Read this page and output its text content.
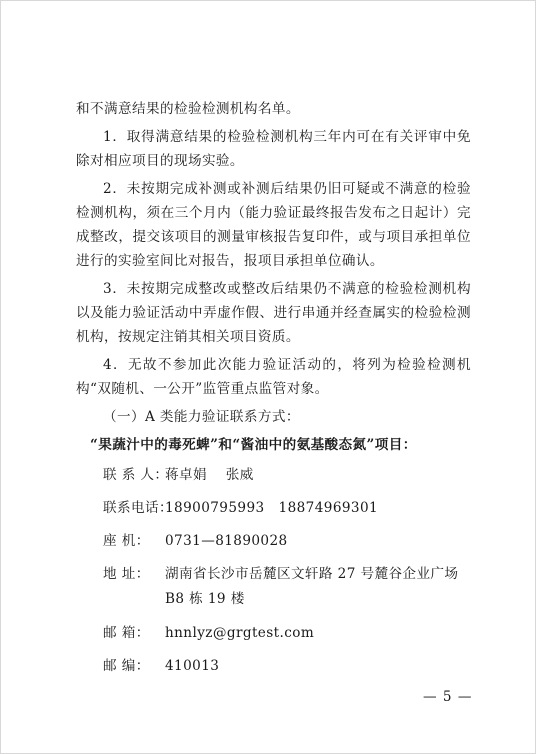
和不满意结果的检验检测机构名单。

1．取得满意结果的检验检测机构三年内可在有关评审中免除对相应项目的现场实验。

2．未按期完成补测或补测后结果仍旧可疑或不满意的检验检测机构，须在三个月内（能力验证最终报告发布之日起计）完成整改，提交该项目的测量审核报告复印件，或与项目承担单位进行的实验室间比对报告，报项目承担单位确认。

3．未按期完成整改或整改后结果仍不满意的检验检测机构以及能力验证活动中弄虚作假、进行串通并经查属实的检验检测机构，按规定注销其相关项目资质。

4．无故不参加此次能力验证活动的，将列为检验检测机构“双随机、一公开”监管重点监管对象。

（一）A 类能力验证联系方式：

“果蔬汁中的毒死蜱”和“酱油中的氨基酸态氮”项目：

联 系 人：
蒋卓娟　 张威
联系电话：
18900795993　18874969301
座 机：	0731—81890028
地 址：	湖南省长沙市岳麓区文轩路 27 号麓谷企业广场
B8 栋 19 楼
邮 箱：	hnnlyz@grgtest.com
邮 编：	410013
— 5 —
